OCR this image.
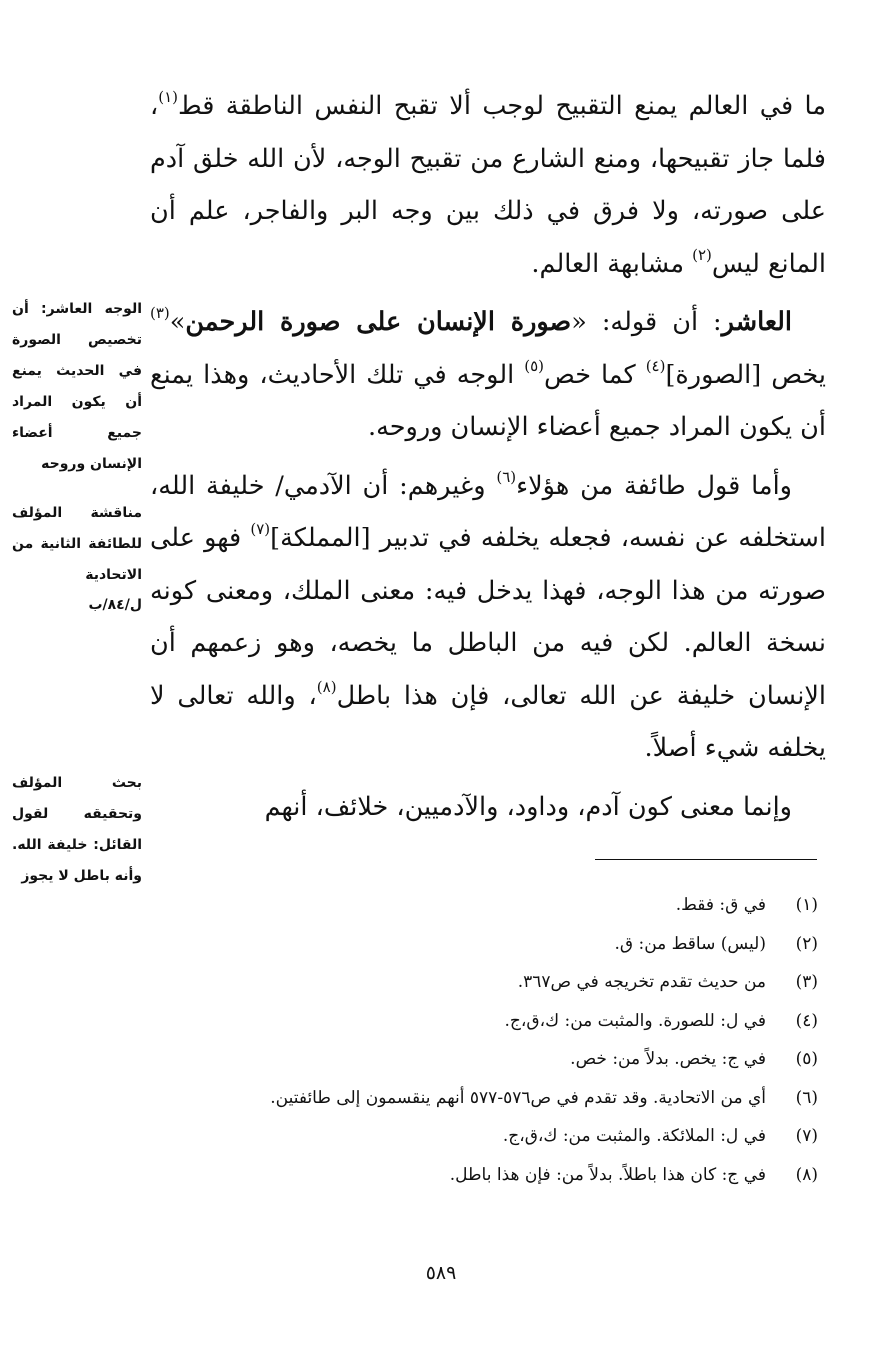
ما في العالم يمنع التقبيح لوجب ألا تقبح النفس الناطقة قط$^{(١)}$، فلما جاز تقبيحها، ومنع الشارع من تقبيح الوجه، لأن الله خلق آدم على صورته، ولا فرق في ذلك بين وجه البر والفاجر، علم أن المانع ليس$^{(٢)}$ مشابهة العالم.

العاشر: أن قوله: «صورة الإنسان على صورة الرحمن»$^{(٣)}$ يخص [الصورة]$^{(٤)}$ كما خص$^{(٥)}$ الوجه في تلك الأحاديث، وهذا يمنع أن يكون المراد جميع أعضاء الإنسان وروحه.

وأما قول طائفة من هؤلاء$^{(٦)}$ وغيرهم: أن الآدمي/ خليفة الله، استخلفه عن نفسه، فجعله يخلفه في تدبير [المملكة]$^{(٧)}$ فهو على صورته من هذا الوجه، فهذا يدخل فيه: معنى الملك، ومعنى كونه نسخة العالم. لكن فيه من الباطل ما يخصه، وهو زعمهم أن الإنسان خليفة عن الله تعالى، فإن هذا باطل$^{(٨)}$، والله تعالى لا يخلفه شيء أصلاً.

وإنما معنى كون آدم، وداود، والآدميين، خلائف، أنهم

الوجه العاشر: أن تخصيص الصورة في الحديث يمنع أن يكون المراد جميع أعضاء الإنسان وروحه
مناقشة المؤلف للطائفة الثانية من الاتحادية
ل/٨٤/ب
بحث المؤلف وتحقيقه لقول القائل: خليفة الله. وأنه باطل لا يجوز
(١)
في ق: فقط.
(٢)
(ليس) ساقط من: ق.
(٣)
من حديث تقدم تخريجه في ص٣٦٧.
(٤)
في ل: للصورة. والمثبت من: ك،ق،ج.
(٥)
في ج: يخص. بدلاً من: خص.
(٦)
أي من الاتحادية. وقد تقدم في ص٥٧٦-٥٧٧ أنهم ينقسمون إلى طائفتين.
(٧)
في ل: الملائكة. والمثبت من: ك،ق،ج.
(٨)
في ج: كان هذا باطلاً. بدلاً من: فإن هذا باطل.
٥٨٩
